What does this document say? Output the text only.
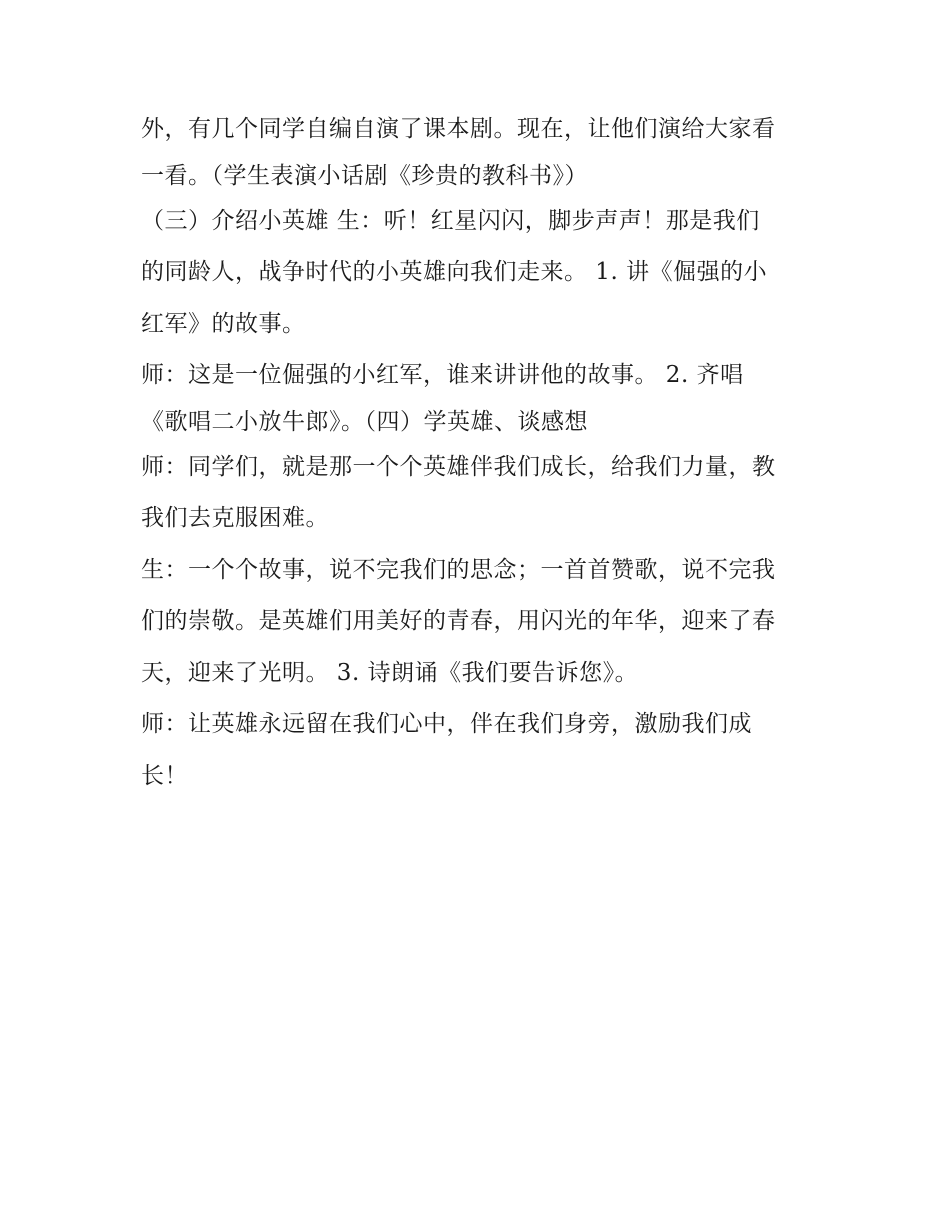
外，有几个同学自编自演了课本剧。现在，让他们演给大家看
一看。（学生表演小话剧《珍贵的教科书》）
（三）介绍小英雄 生：听！红星闪闪，脚步声声！那是我们
的同龄人，战争时代的小英雄向我们走来。 1. 讲《倔强的小
红军》的故事。
师：这是一位倔强的小红军，谁来讲讲他的故事。 2. 齐唱
《歌唱二小放牛郎》。（四）学英雄、谈感想
师：同学们，就是那一个个英雄伴我们成长，给我们力量，教
我们去克服困难。
生：一个个故事，说不完我们的思念；一首首赞歌，说不完我
们的崇敬。是英雄们用美好的青春，用闪光的年华，迎来了春
天，迎来了光明。 3. 诗朗诵《我们要告诉您》。
师：让英雄永远留在我们心中，伴在我们身旁，激励我们成
长！
